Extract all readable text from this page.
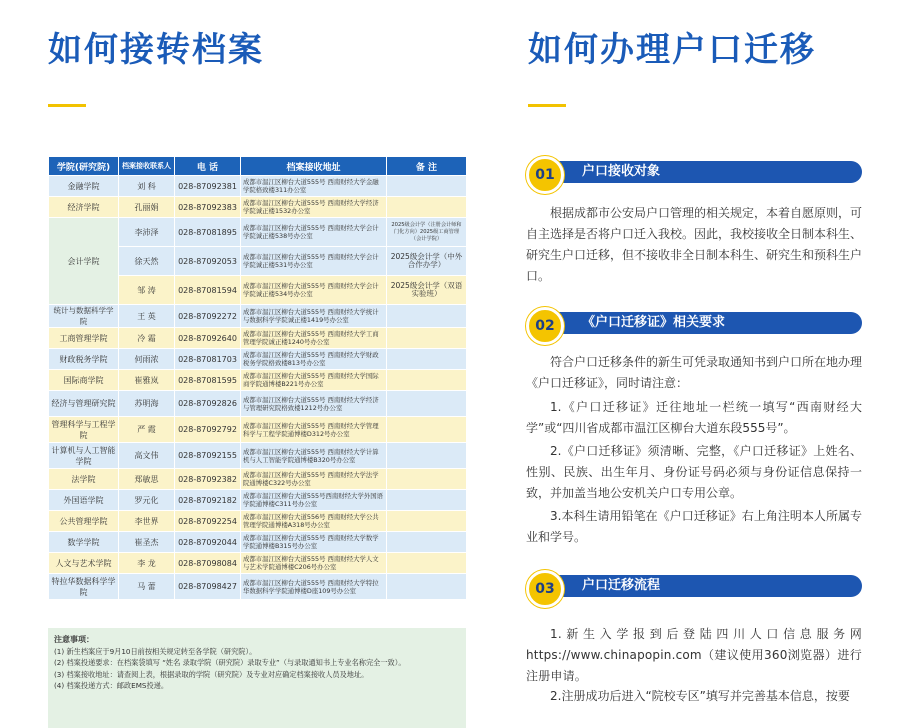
如何接转档案
学院(研究院)	档案接收联系人	电 话	档案接收地址	备 注
金融学院	刘 科	028-87092381	成都市温江区柳台大道555号 西南财经大学金融学院格致楼311办公室	
经济学院	孔丽娟	028-87092383	成都市温江区柳台大道555号 西南财经大学经济学院诚正楼1532办公室	
会计学院	李沛泽	028-87081895	成都市温江区柳台大道555号 西南财经大学会计学院诚正楼538号办公室	2025级会计学（注册会计师和门化方向）2025级工商管理（会计学院）
	徐天然	028-87092053	成都市温江区柳台大道555号 西南财经大学会计学院诚正楼531号办公室	2025级会计学（中外合作办学）
	邹 涛	028-87081594	成都市温江区柳台大道555号 西南财经大学会计学院诚正楼534号办公室	2025级会计学（双语实验班）
统计与数据科学学院	王 英	028-87092272	成都市温江区柳台大道555号 西南财经大学统计与数据科学学院诚正楼1419号办公室	
工商管理学院	冷 霜	028-87092640	成都市温江区柳台大道555号 西南财经大学工商管理学院诚正楼1240号办公室	
财政税务学院	何雨浓	028-87081703	成都市温江区柳台大道555号 西南财经大学财政税务学院格致楼813号办公室	
国际商学院	崔雅岚	028-87081595	成都市温江区柳台大道555号 西南财经大学国际商学院通博楼B221号办公室	
经济与管理研究院	苏明海	028-87092826	成都市温江区柳台大道555号 西南财经大学经济与管理研究院格致楼1212号办公室	
管理科学与工程学院	严 霞	028-87092792	成都市温江区柳台大道555号 西南财经大学管理科学与工程学院通博楼D312号办公室	
计算机与人工智能学院	高文伟	028-87092155	成都市温江区柳台大道555号 西南财经大学计算机与人工智能学院通博楼B320号办公室	
法学院	郑敏思	028-87092382	成都市温江区柳台大道555号 西南财经大学法学院通博楼C322号办公室	
外国语学院	罗元化	028-87092182	成都市温江区柳台大道555号西南财经大学外国语学院通博楼C311号办公室	
公共管理学院	李世界	028-87092254	成都市温江区柳台大道556号 西南财经大学公共管理学院通博楼A318号办公室	
数学学院	崔圣杰	028-87092044	成都市温江区柳台大道555号 西南财经大学数学学院通博楼B315号办公室	
人文与艺术学院	李 龙	028-87098084	成都市温江区柳台大道555号 西南财经大学人文与艺术学院通博楼C206号办公室	
特拉华数据科学学院	马 蕾	028-87098427	成都市温江区柳台大道555号 西南财经大学特拉华数据科学学院通博楼D座109号办公室	
注意事项：
(1) 新生档案应于9月10日前按相关规定转至各学院（研究院）。
(2) 档案投递要求：在档案袋填写 “姓名 录取学院（研究院）录取专业”（与录取通知书上专业名称完全一致）。
(3) 档案接收地址：请查阅上表，根据录取的学院（研究院）及专业对应确定档案接收人员及地址。
(4) 档案投递方式：邮政EMS投递。
如何办理户口迁移
01	户口接收对象

根据成都市公安局户口管理的相关规定，本着自愿原则，可自主选择是否将户口迁入我校。因此，我校接收全日制本科生、研究生户口迁移，但不接收非全日制本科生、研究生和预科生户口。

02	《户口迁移证》相关要求

符合户口迁移条件的新生可凭录取通知书到户口所在地办理《户口迁移证》，同时请注意：

1.《户口迁移证》迁往地址一栏统一填写“西南财经大学”或“四川省成都市温江区柳台大道东段555号”。

2.《户口迁移证》须清晰、完整，《户口迁移证》上姓名、性别、民族、出生年月、身份证号码必须与身份证信息保持一致，并加盖当地公安机关户口专用公章。

3.本科生请用铅笔在《户口迁移证》右上角注明本人所属专业和学号。

03	户口迁移流程

1.新生入学报到后登陆四川人口信息服务网https://www.chinapopin.com（建议使用360浏览器）进行注册申请。

2.注册成功后进入“院校专区”填写并完善基本信息，按要
